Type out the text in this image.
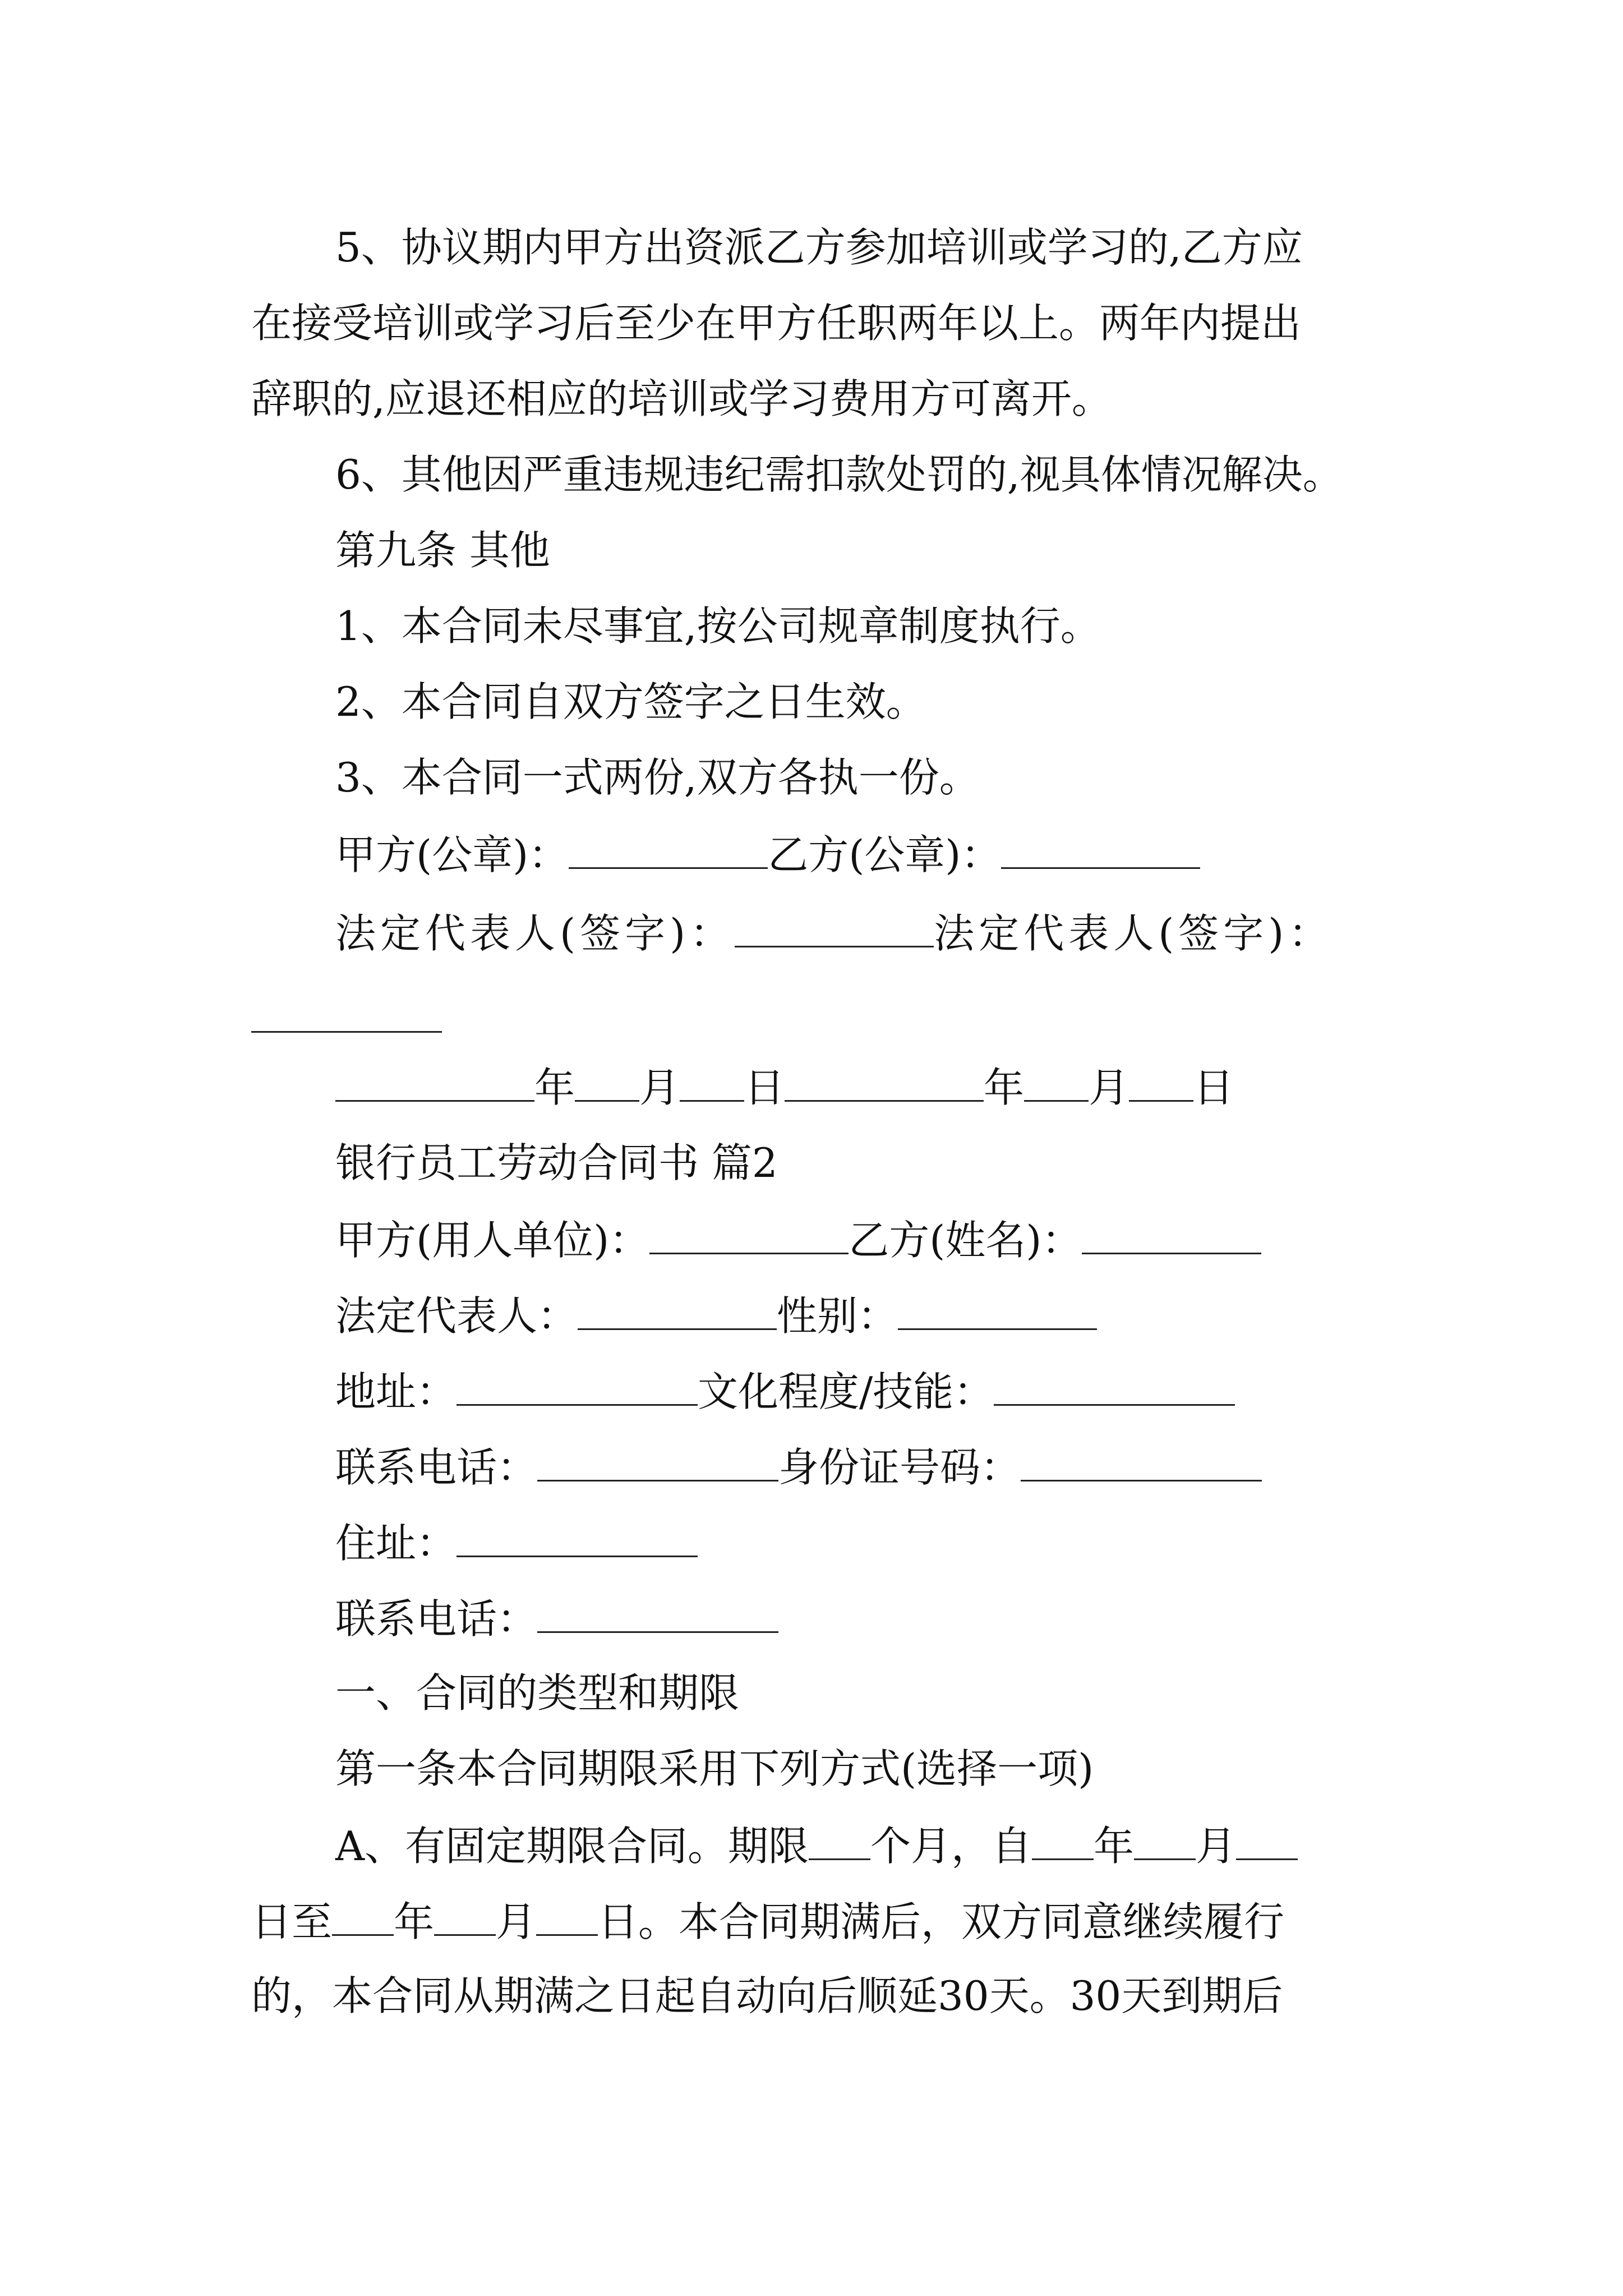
5、协议期内甲方出资派乙方参加培训或学习的,乙方应
在接受培训或学习后至少在甲方任职两年以上。两年内提出
辞职的,应退还相应的培训或学习费用方可离开。
6、其他因严重违规违纪需扣款处罚的,视具体情况解决。
第九条 其他
1、本合同未尽事宜,按公司规章制度执行。
2、本合同自双方签字之日生效。
3、本合同一式两份,双方各执一份。
甲方(公章)：	乙方(公章)：
法定代表人(签字)：	法定代表人(签字)：
年 月 日	年 月 日
银行员工劳动合同书 篇2
甲方(用人单位)：	乙方(姓名)：
法定代表人：	性别：
地址：	文化程度/技能：
联系电话：	身份证号码：
住址：
联系电话：
一、合同的类型和期限
第一条本合同期限采用下列方式(选择一项)
A、有固定期限合同。期限 个月，自 年 月
日至 年 月 日。本合同期满后，双方同意继续履行
的，本合同从期满之日起自动向后顺延30天。30天到期后
